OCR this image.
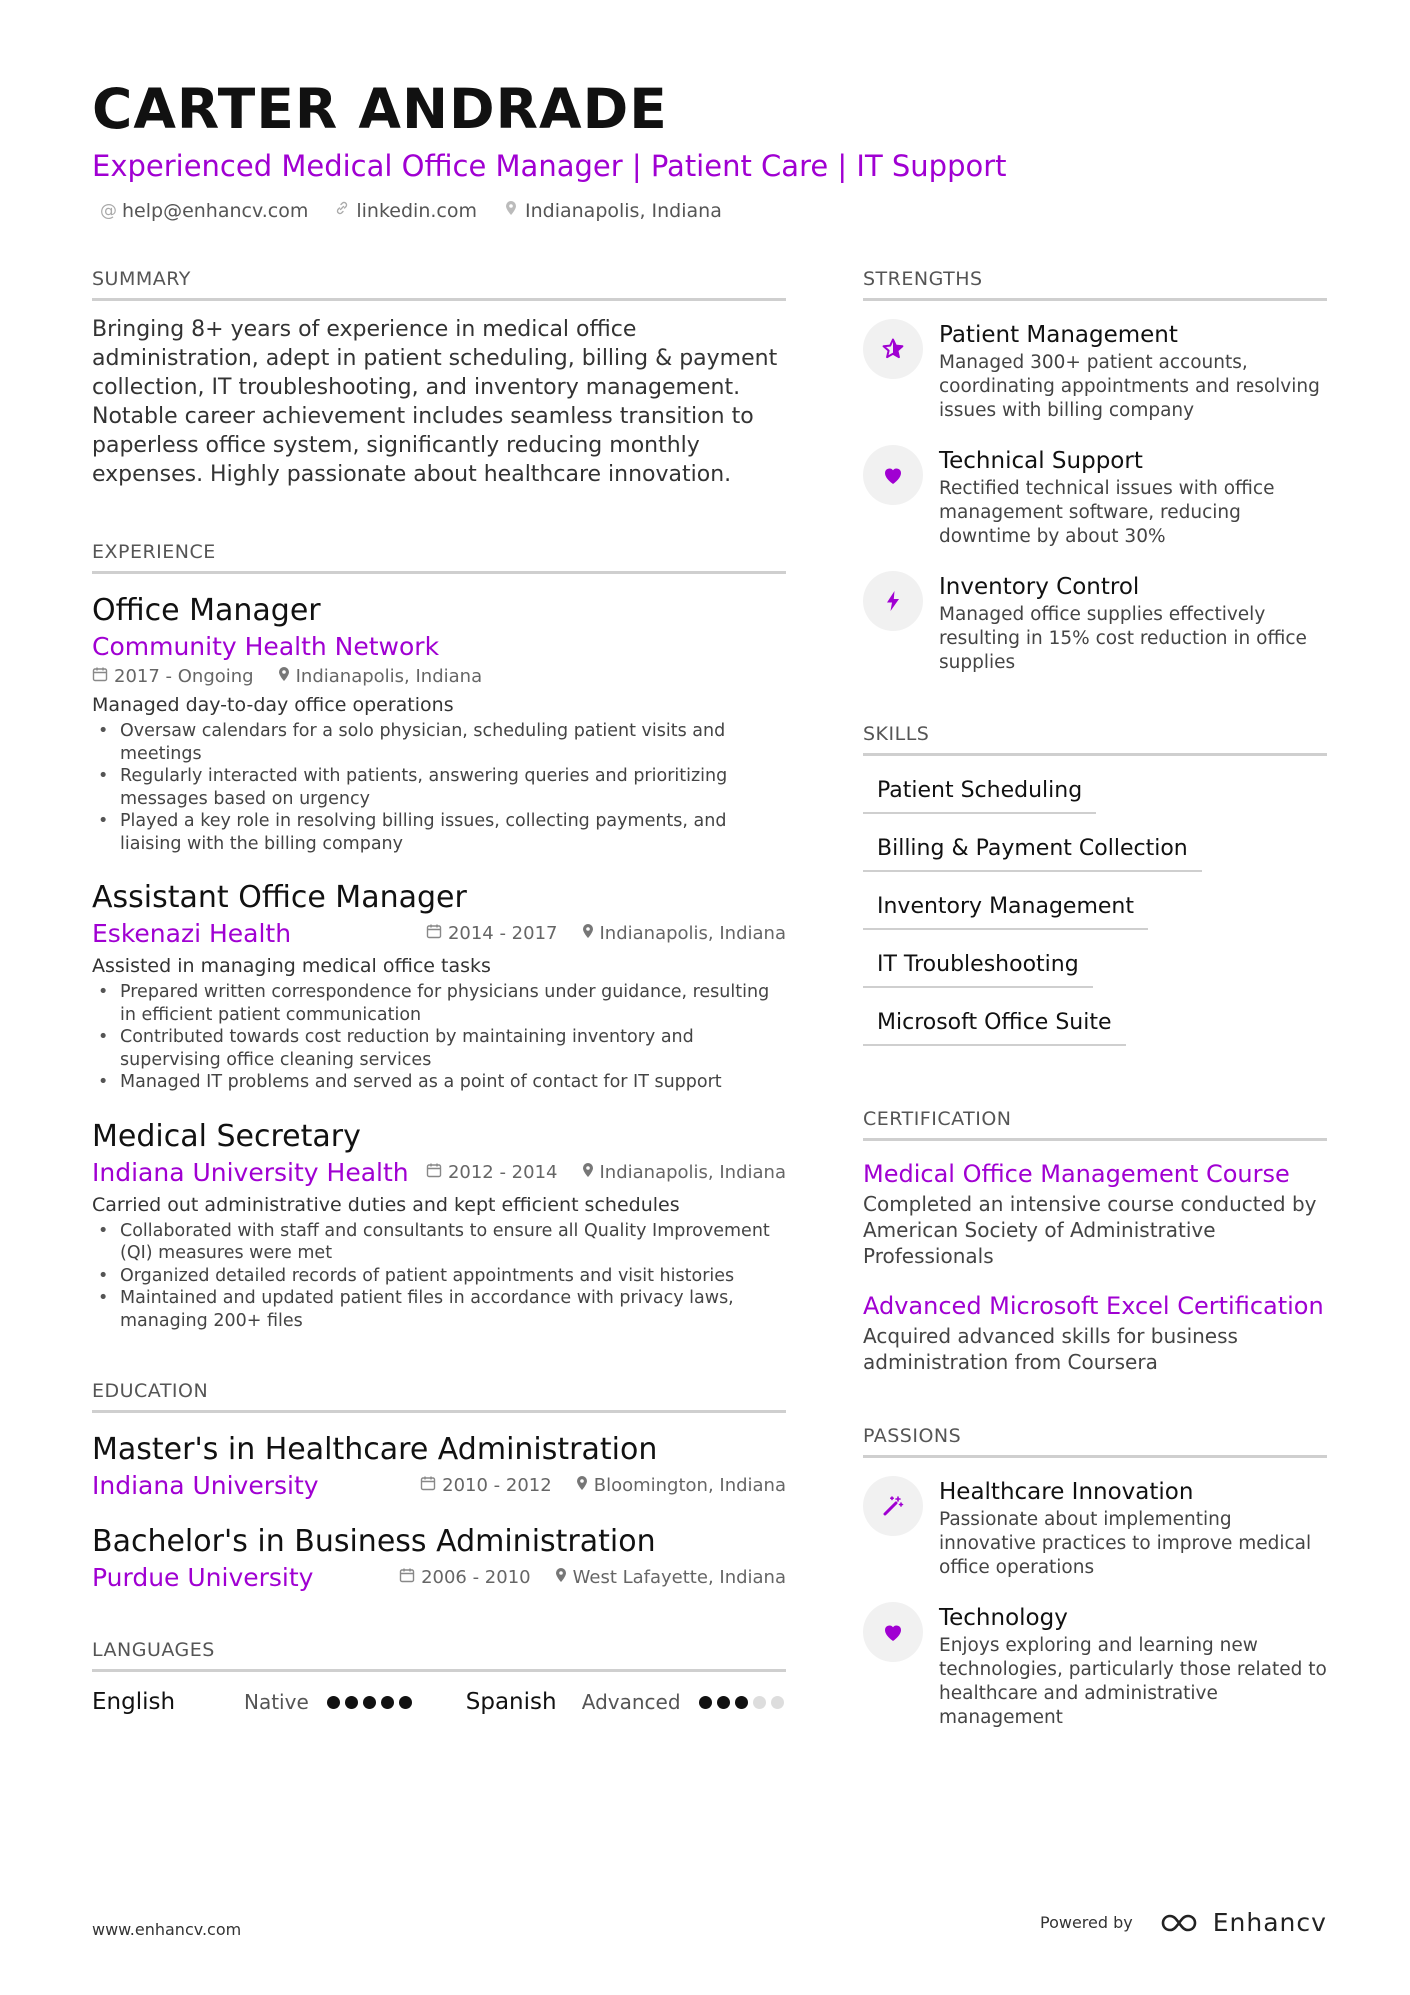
CARTER ANDRADE
Experienced Medical Office Manager | Patient Care | IT Support
@ help@enhancv.com	linkedin.com	Indianapolis, Indiana
SUMMARY
Bringing 8+ years of experience in medical office administration, adept in patient scheduling, billing & payment collection, IT troubleshooting, and inventory management. Notable career achievement includes seamless transition to paperless office system, significantly reducing monthly expenses. Highly passionate about healthcare innovation.
EXPERIENCE
Office Manager
Community Health Network
2017 - Ongoing Indianapolis, Indiana
Managed day-to-day office operations
• Oversaw calendars for a solo physician, scheduling patient visits and meetings
• Regularly interacted with patients, answering queries and prioritizing messages based on urgency
• Played a key role in resolving billing issues, collecting payments, and liaising with the billing company
Assistant Office Manager
Eskenazi Health	2014 - 2017 Indianapolis, Indiana
Assisted in managing medical office tasks
• Prepared written correspondence for physicians under guidance, resulting in efficient patient communication
• Contributed towards cost reduction by maintaining inventory and supervising office cleaning services
• Managed IT problems and served as a point of contact for IT support
Medical Secretary
Indiana University Health 2012 - 2014 Indianapolis, Indiana
Carried out administrative duties and kept efficient schedules
• Collaborated with staff and consultants to ensure all Quality Improvement (QI) measures were met
• Organized detailed records of patient appointments and visit histories
• Maintained and updated patient files in accordance with privacy laws, managing 200+ files
EDUCATION
Master's in Healthcare Administration
Indiana University	2010 - 2012 Bloomington, Indiana
Bachelor's in Business Administration
Purdue University	2006 - 2010 West Lafayette, Indiana
LANGUAGES
English	Native	Spanish	Advanced
STRENGTHS
Patient Management
Managed 300+ patient accounts, coordinating appointments and resolving issues with billing company
Technical Support
Rectified technical issues with office management software, reducing downtime by about 30%
Inventory Control
Managed office supplies effectively resulting in 15% cost reduction in office supplies
SKILLS
Patient Scheduling
Billing & Payment Collection
Inventory Management
IT Troubleshooting
Microsoft Office Suite
CERTIFICATION
Medical Office Management Course
Completed an intensive course conducted by American Society of Administrative Professionals
Advanced Microsoft Excel Certification
Acquired advanced skills for business administration from Coursera
PASSIONS
Healthcare Innovation
Passionate about implementing innovative practices to improve medical office operations
Technology
Enjoys exploring and learning new technologies, particularly those related to healthcare and administrative management
www.enhancv.com	Powered by	Enhancv
